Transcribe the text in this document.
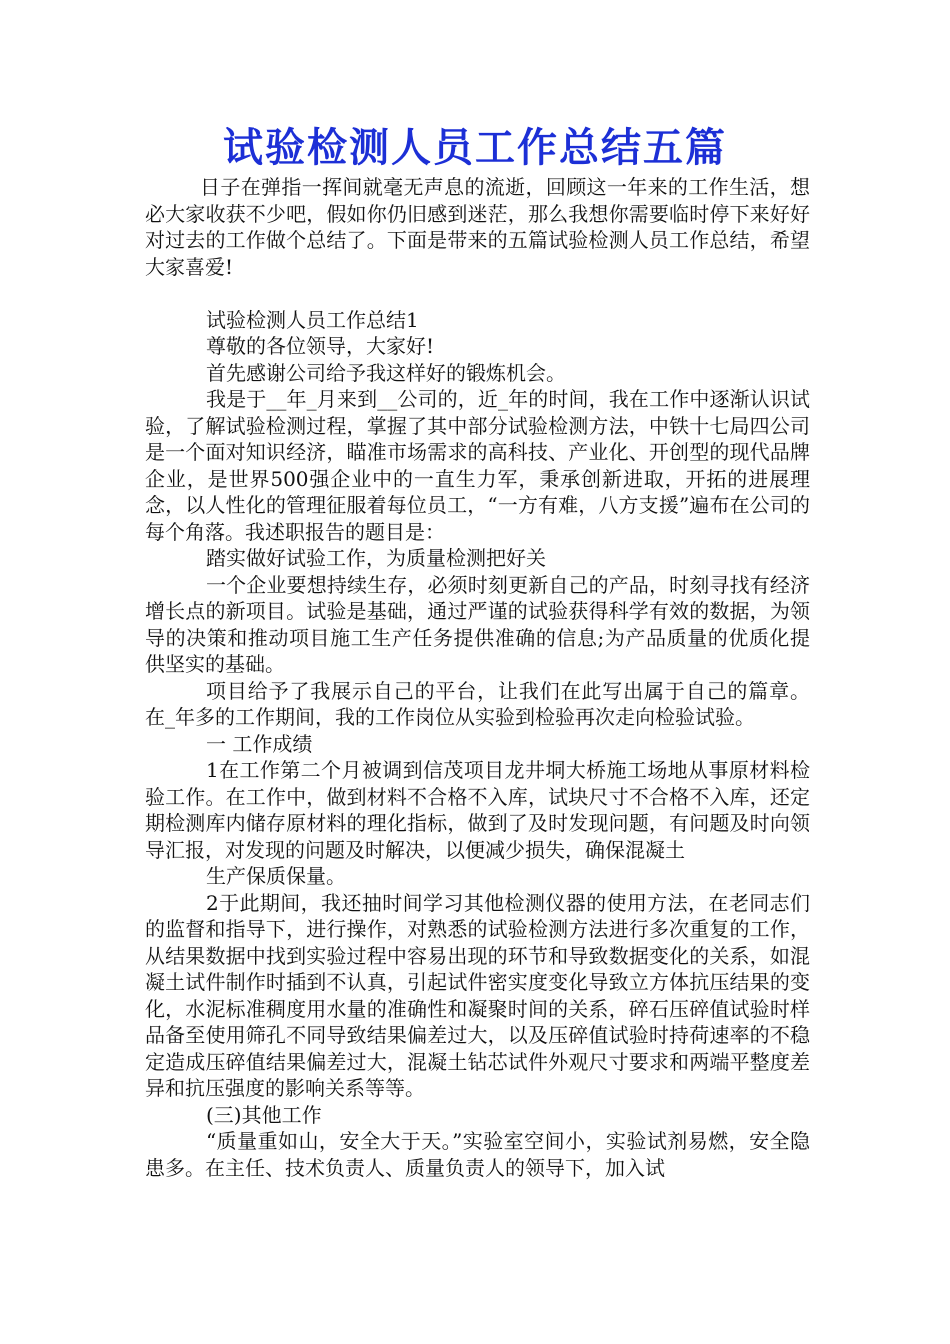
试验检测人员工作总结五篇

日子在弹指一挥间就毫无声息的流逝，回顾这一年来的工作生活，想必大家收获不少吧，假如你仍旧感到迷茫，那么我想你需要临时停下来好好对过去的工作做个总结了。下面是带来的五篇试验检测人员工作总结，希望大家喜爱!

试验检测人员工作总结1

尊敬的各位领导，大家好!

首先感谢公司给予我这样好的锻炼机会。

我是于__年_月来到__公司的，近_年的时间，我在工作中逐渐认识试验，了解试验检测过程，掌握了其中部分试验检测方法，中铁十七局四公司是一个面对知识经济，瞄准市场需求的高科技、产业化、开创型的现代品牌企业，是世界500强企业中的一直生力军，秉承创新进取，开拓的进展理念，以人性化的管理征服着每位员工，“一方有难，八方支援”遍布在公司的每个角落。我述职报告的题目是：

踏实做好试验工作，为质量检测把好关

一个企业要想持续生存，必须时刻更新自己的产品，时刻寻找有经济增长点的新项目。试验是基础，通过严谨的试验获得科学有效的数据，为领导的决策和推动项目施工生产任务提供准确的信息;为产品质量的优质化提供坚实的基础。

项目给予了我展示自己的平台，让我们在此写出属于自己的篇章。 在_年多的工作期间，我的工作岗位从实验到检验再次走向检验试验。

一 工作成绩

1在工作第二个月被调到信茂项目龙井垌大桥施工场地从事原材料检验工作。在工作中，做到材料不合格不入库，试块尺寸不合格不入库，还定期检测库内储存原材料的理化指标，做到了及时发现问题，有问题及时向领导汇报，对发现的问题及时解决，以便减少损失，确保混凝土

生产保质保量。

2于此期间，我还抽时间学习其他检测仪器的使用方法，在老同志们的监督和指导下，进行操作，对熟悉的试验检测方法进行多次重复的工作，从结果数据中找到实验过程中容易出现的环节和导致数据变化的关系，如混凝土试件制作时插到不认真，引起试件密实度变化导致立方体抗压结果的变化，水泥标准稠度用水量的准确性和凝聚时间的关系，碎石压碎值试验时样品备至使用筛孔不同导致结果偏差过大，以及压碎值试验时持荷速率的不稳定造成压碎值结果偏差过大，混凝土钻芯试件外观尺寸要求和两端平整度差异和抗压强度的影响关系等等。

(三)其他工作

“质量重如山，安全大于天。”实验室空间小，实验试剂易燃，安全隐患多。在主任、技术负责人、质量负责人的领导下，加入试
